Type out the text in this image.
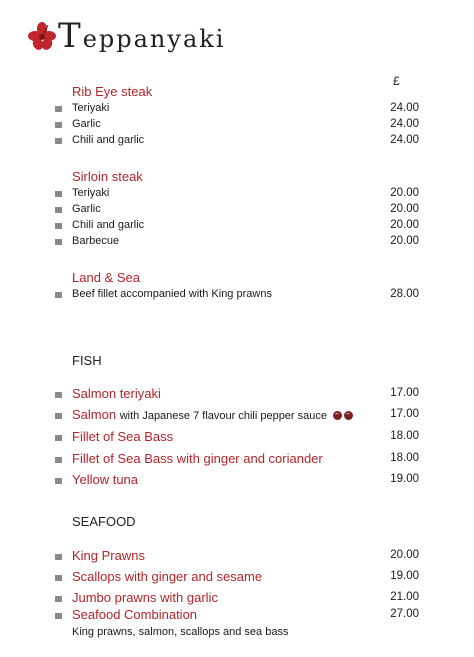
Teppanyaki
£
Rib Eye steak
Teriyaki	24.00
Garlic	24.00
Chili and garlic	24.00
Sirloin steak
Teriyaki	20.00
Garlic	20.00
Chili and garlic	20.00
Barbecue	20.00
Land & Sea
Beef fillet accompanied with King prawns	28.00
FISH
Salmon teriyaki	17.00
Salmon with Japanese 7 flavour chili pepper sauce	17.00
Fillet of Sea Bass	18.00
Fillet of Sea Bass with ginger and coriander	18.00
Yellow tuna	19.00
SEAFOOD
King Prawns	20.00
Scallops with ginger and sesame	19.00
Jumbo prawns with garlic	21.00
Seafood Combination	27.00
King prawns, salmon, scallops and sea bass
